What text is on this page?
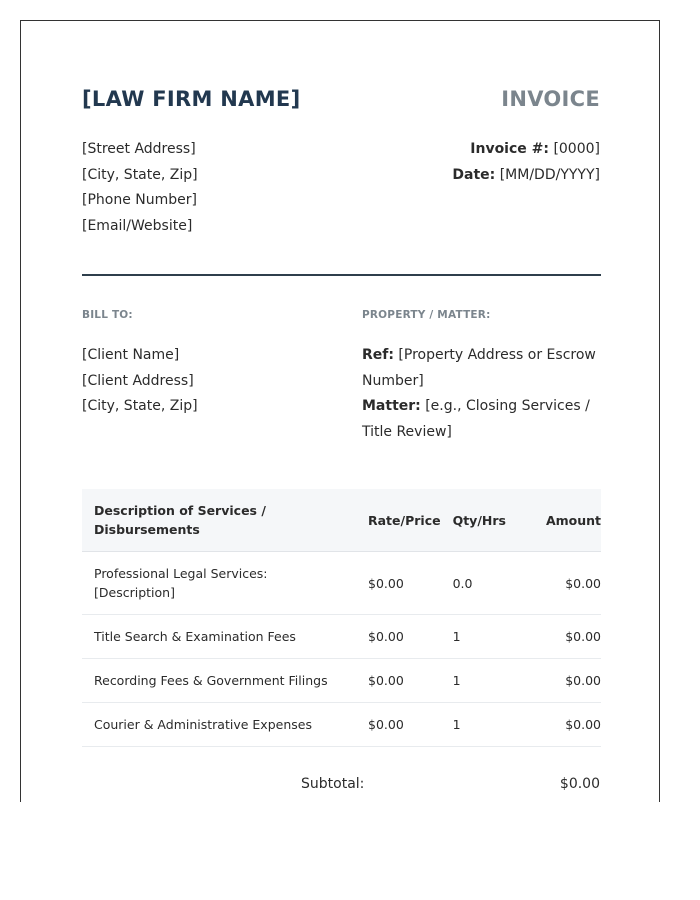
[LAW FIRM NAME]	INVOICE
[Street Address]
[City, State, Zip]
[Phone Number]
[Email/Website]
Invoice #: [0000]
Date: [MM/DD/YYYY]
BILL TO:	PROPERTY / MATTER:
[Client Name]
[Client Address]
[City, State, Zip]
Ref: [Property Address or Escrow Number]
Matter: [e.g., Closing Services / Title Review]
Description of Services / Disbursements	Rate/Price	Qty/Hrs	Amount
Professional Legal Services: [Description]	$0.00	0.0	$0.00
Title Search & Examination Fees	$0.00	1	$0.00
Recording Fees & Government Filings	$0.00	1	$0.00
Courier & Administrative Expenses	$0.00	1	$0.00
Subtotal:	$0.00
